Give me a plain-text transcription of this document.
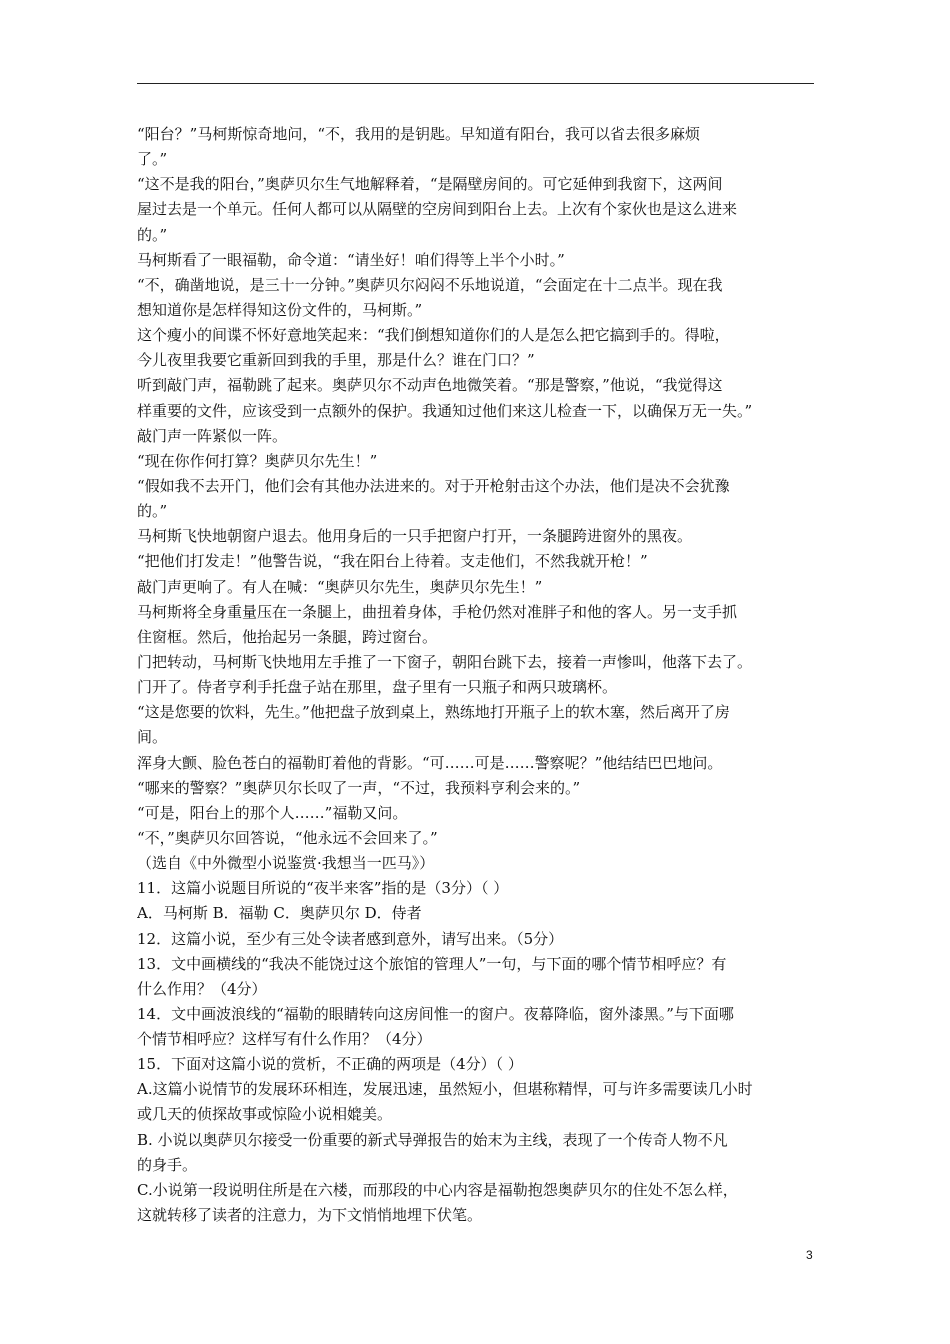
“阳台？”马柯斯惊奇地问，“不，我用的是钥匙。早知道有阳台，我可以省去很多麻烦
了。”
“这不是我的阳台，”奥萨贝尔生气地解释着，“是隔壁房间的。可它延伸到我窗下，这两间
屋过去是一个单元。任何人都可以从隔壁的空房间到阳台上去。上次有个家伙也是这么进来
的。”
马柯斯看了一眼福勒，命令道：“请坐好！咱们得等上半个小时。”
“不，确凿地说，是三十一分钟。”奥萨贝尔闷闷不乐地说道，“会面定在十二点半。现在我
想知道你是怎样得知这份文件的，马柯斯。”
这个瘦小的间谍不怀好意地笑起来：“我们倒想知道你们的人是怎么把它搞到手的。得啦，
今儿夜里我要它重新回到我的手里，那是什么？谁在门口？”
听到敲门声，福勒跳了起来。奥萨贝尔不动声色地微笑着。“那是警察，”他说，“我觉得这
样重要的文件，应该受到一点额外的保护。我通知过他们来这儿检查一下，以确保万无一失。”
敲门声一阵紧似一阵。
“现在你作何打算？奥萨贝尔先生！”
“假如我不去开门，他们会有其他办法进来的。对于开枪射击这个办法，他们是决不会犹豫
的。”
马柯斯飞快地朝窗户退去。他用身后的一只手把窗户打开，一条腿跨进窗外的黑夜。
“把他们打发走！”他警告说，“我在阳台上待着。支走他们，不然我就开枪！”
敲门声更响了。有人在喊：“奥萨贝尔先生，奥萨贝尔先生！”
马柯斯将全身重量压在一条腿上，曲扭着身体，手枪仍然对准胖子和他的客人。另一支手抓
住窗框。然后，他抬起另一条腿，跨过窗台。
门把转动，马柯斯飞快地用左手推了一下窗子，朝阳台跳下去，接着一声惨叫，他落下去了。
门开了。侍者亨利手托盘子站在那里，盘子里有一只瓶子和两只玻璃杯。
“这是您要的饮料，先生。”他把盘子放到桌上，熟练地打开瓶子上的软木塞，然后离开了房
间。
浑身大颤、脸色苍白的福勒盯着他的背影。“可……可是……警察呢？”他结结巴巴地问。
“哪来的警察？”奥萨贝尔长叹了一声，“不过，我预料亨利会来的。”
“可是，阳台上的那个人……”福勒又问。
“不，”奥萨贝尔回答说，“他永远不会回来了。”
（选自《中外微型小说鉴赏·我想当一匹马》）
11．这篇小说题目所说的“夜半来客”指的是（3分）（ ）
A．马柯斯 B．福勒 C．奥萨贝尔 D．侍者
12．这篇小说，至少有三处令读者感到意外，请写出来。（5分）
13．文中画横线的“我决不能饶过这个旅馆的管理人”一句，与下面的哪个情节相呼应？有
什么作用？（4分）
14．文中画波浪线的“福勒的眼睛转向这房间惟一的窗户。夜幕降临，窗外漆黑。”与下面哪
个情节相呼应？这样写有什么作用？（4分）
15．下面对这篇小说的赏析，不正确的两项是（4分）（ ）
A.这篇小说情节的发展环环相连，发展迅速，虽然短小，但堪称精悍，可与许多需要读几小时
或几天的侦探故事或惊险小说相媲美。
B. 小说以奥萨贝尔接受一份重要的新式导弹报告的始末为主线，表现了一个传奇人物不凡
的身手。
C.小说第一段说明住所是在六楼，而那段的中心内容是福勒抱怨奥萨贝尔的住处不怎么样，
这就转移了读者的注意力，为下文悄悄地埋下伏笔。
3
